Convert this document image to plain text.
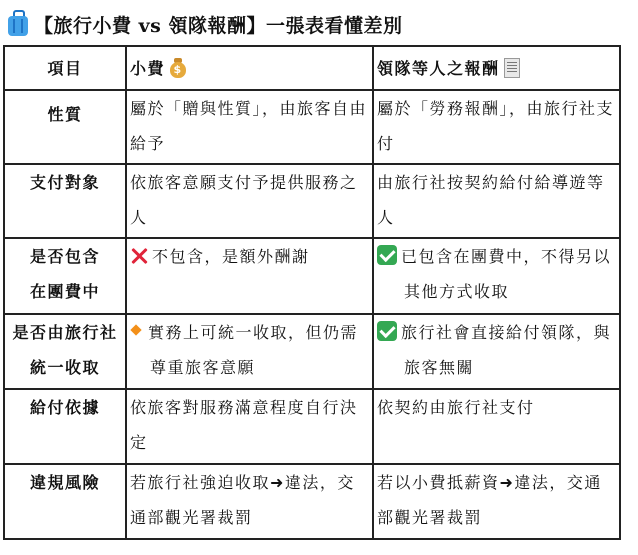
【旅行小費 vs 領隊報酬】一張表看懂差別
項目	小費$	領隊等人之報酬

性質	屬於「贈與性質」，由旅客自由給予	屬於「勞務報酬」，由旅行社支付
支付對象	依旅客意願支付予提供服務之人	由旅行社按契約給付給導遊等人

是否包含在團費中	不包含，是額外酬謝	已包含在團費中，不得另以其他方式收取

是否由旅行社統一收取	實務上可統一收取，但仍需尊重旅客意願	旅行社會直接給付領隊，與旅客無關

給付依據	依旅客對服務滿意程度自行決定	依契約由旅行社支付
違規風險	若旅行社強迫收取➜違法，交通部觀光署裁罰	若以小費抵薪資➜違法，交通部觀光署裁罰
